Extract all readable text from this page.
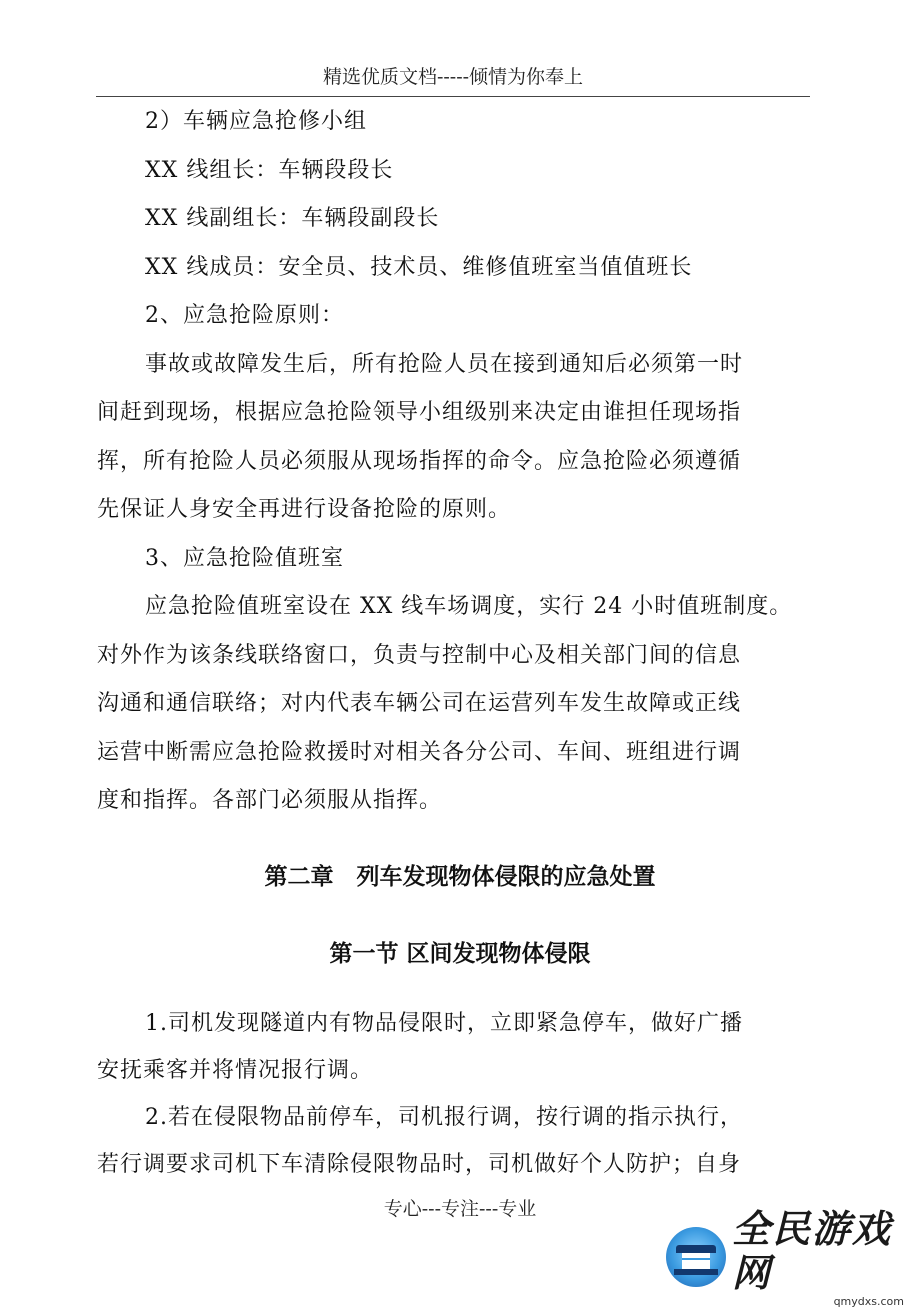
精选优质文档-----倾情为你奉上
2）车辆应急抢修小组
XX 线组长：车辆段段长
XX 线副组长：车辆段副段长
XX 线成员：安全员、技术员、维修值班室当值值班长
2、应急抢险原则：
事故或故障发生后，所有抢险人员在接到通知后必须第一时
间赶到现场，根据应急抢险领导小组级别来决定由谁担任现场指
挥，所有抢险人员必须服从现场指挥的命令。应急抢险必须遵循
先保证人身安全再进行设备抢险的原则。
3、应急抢险值班室
应急抢险值班室设在 XX 线车场调度，实行 24 小时值班制度。
对外作为该条线联络窗口，负责与控制中心及相关部门间的信息
沟通和通信联络；对内代表车辆公司在运营列车发生故障或正线
运营中断需应急抢险救援时对相关各分公司、车间、班组进行调
度和指挥。各部门必须服从指挥。
第二章　列车发现物体侵限的应急处置
第一节 区间发现物体侵限
1.司机发现隧道内有物品侵限时，立即紧急停车，做好广播
安抚乘客并将情况报行调。
2.若在侵限物品前停车，司机报行调，按行调的指示执行，
若行调要求司机下车清除侵限物品时，司机做好个人防护；自身
专心---专注---专业	全民游戏网
qmydxs.com
